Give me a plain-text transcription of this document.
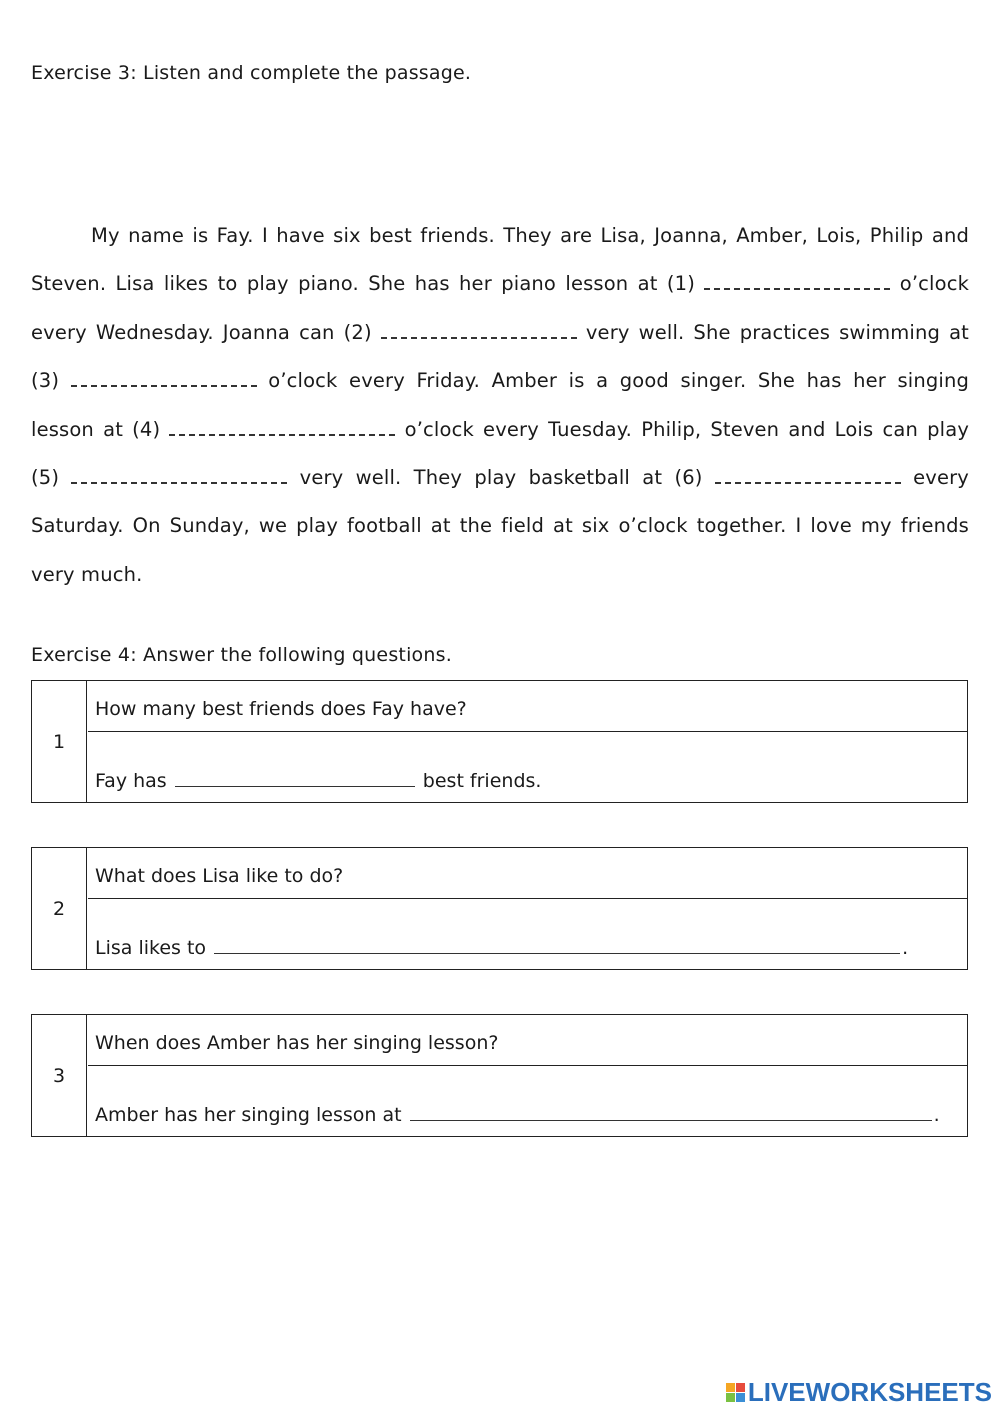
Exercise 3: Listen and complete the passage.
My name is Fay. I have six best friends. They are Lisa, Joanna, Amber, Lois, Philip and Steven. Lisa likes to play piano. She has her piano lesson at (1)	o’clock every Wednesday. Joanna can (2)	very well. She practices swimming at (3)	o’clock every Friday. Amber is a good singer. She has her singing lesson at (4)	o’clock every Tuesday. Philip, Steven and Lois can play (5)	very well. They play basketball at (6)	every Saturday. On Sunday, we play football at the field at six o’clock together. I love my friends very much.
Exercise 4: Answer the following questions.
1
How many best friends does Fay have?
Fay has	best friends.
2
What does Lisa like to do?
Lisa likes to	.
3
When does Amber has her singing lesson?
Amber has her singing lesson at	.
LIVEWORKSHEETS
